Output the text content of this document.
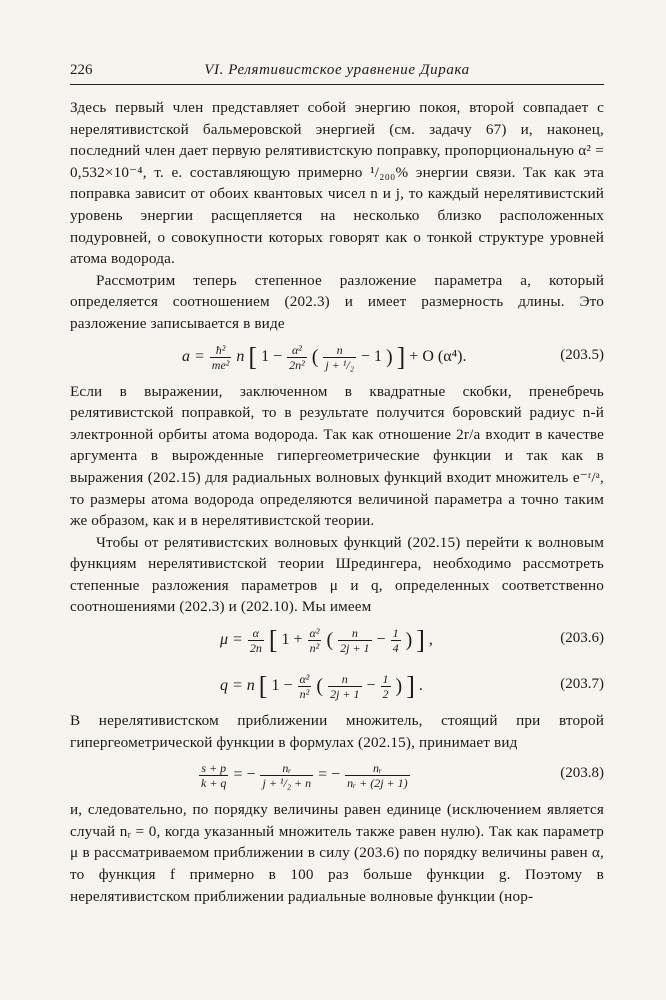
226	VI. Релятивистское уравнение Дирака

Здесь первый член представляет собой энергию покоя, второй совпадает с нерелятивистской бальмеровской энергией (см. задачу 67) и, наконец, последний член дает первую релятивистскую поправку, пропорциональную α² = 0,532×10⁻⁴, т. е. составляющую примерно ¹/₂₀₀% энергии связи. Так как эта поправка зависит от обоих квантовых чисел n и j, то каждый нерелятивистский уровень энергии расщепляется на несколько близко расположенных подуровней, о совокупности которых говорят как о тонкой структуре уровней атома водорода.

Рассмотрим теперь степенное разложение параметра a, который определяется соотношением (202.3) и имеет размерность длины. Это разложение записывается в виде

$a = \frac{\text{ħ²}}{\text{me²}}$ n [ $1 - \frac{\text{α²}}{\text{2n²}}$ ( $\frac{n}{\text{j + ¹/₂}} - 1$ ) ] + O (α⁴).	(203.5)

Если в выражении, заключенном в квадратные скобки, пренебречь релятивистской поправкой, то в результате получится боровский радиус n-й электронной орбиты атома водорода. Так как отношение 2r/a входит в качестве аргумента в вырожденные гипергеометрические функции и так как в выражения (202.15) для радиальных волновых функций входит множитель e⁻ʳ/ᵃ, то размеры атома водорода определяются величиной параметра a точно таким же образом, как и в нерелятивистской теории.

Чтобы от релятивистских волновых функций (202.15) перейти к волновым функциям нерелятивистской теории Шредингера, необходимо рассмотреть степенные разложения параметров μ и q, определенных соответственно соотношениями (202.3) и (202.10). Мы имеем

$\mu = \frac{\alpha}{2n}$ [ $1 + \frac{\text{α²}}{\text{n²}}$ ( $\frac{n}{2j + 1} - \frac{1}{4}$ ) ] ,	(203.6)
q = n [ $1 - \frac{\text{α²}}{\text{n²}}$ ( $\frac{n}{2j + 1} - \frac{1}{2}$ ) ] .	(203.7)

В нерелятивистском приближении множитель, стоящий при второй гипергеометрической функции в формулах (202.15), принимает вид

$\frac{s + p}{k + q}$ = − $\frac{\text{nᵣ}}{\text{j + ¹/₂ + n}}$ = − $\frac{\text{nᵣ}}{\text{nᵣ + (2j + 1)}}$	(203.8)

и, следовательно, по порядку величины равен единице (исключением является случай nᵣ = 0, когда указанный множитель также равен нулю). Так как параметр μ в рассматриваемом приближении в силу (203.6) по порядку величины равен α, то функция f примерно в 100 раз больше функции g. Поэтому в нерелятивистском приближении радиальные волновые функции (нор-
